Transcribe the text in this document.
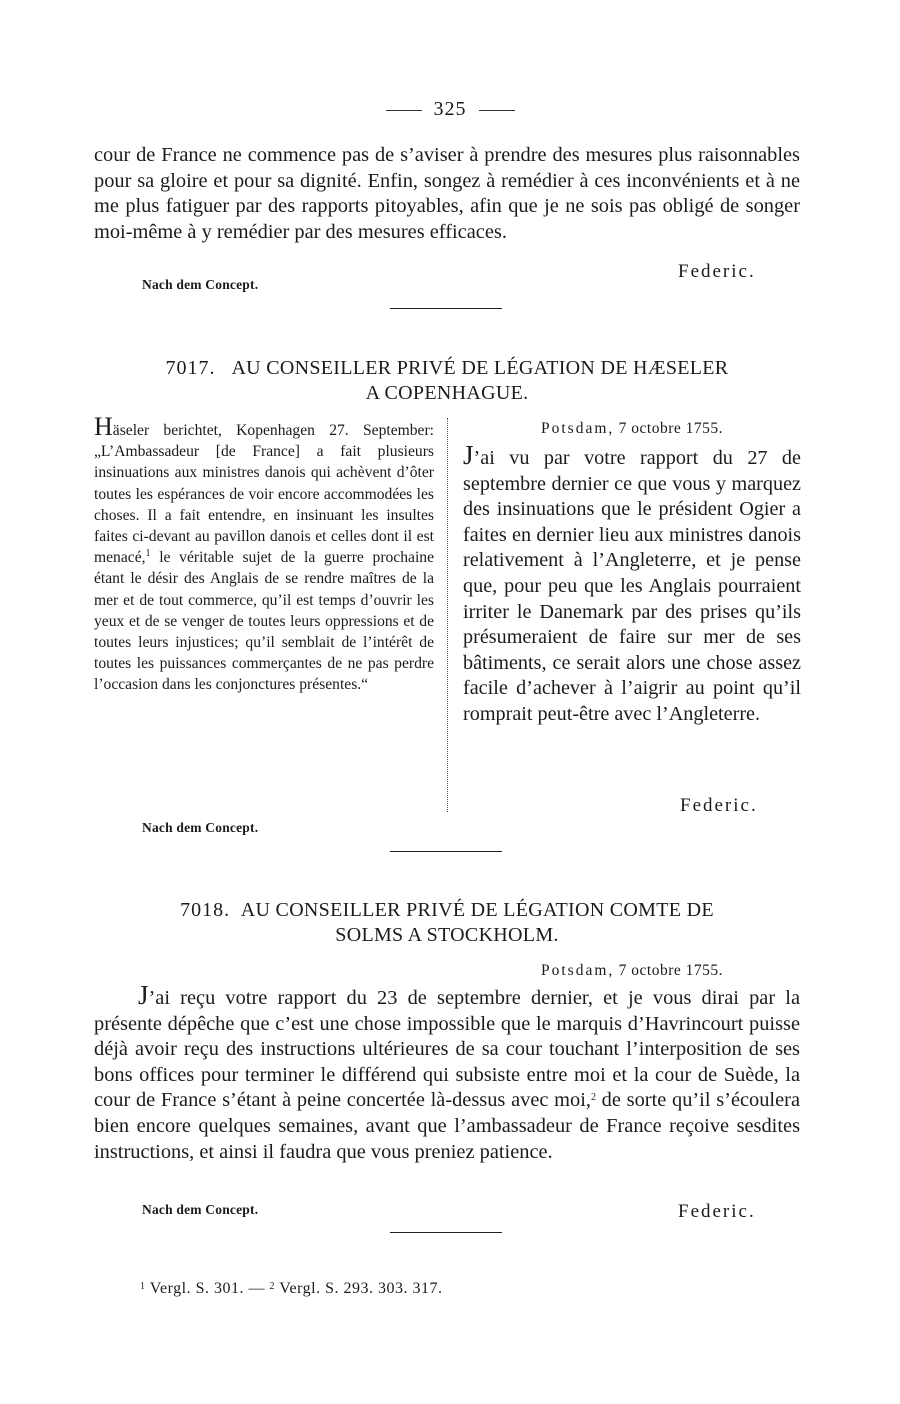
325
cour de France ne commence pas de s’aviser à prendre des mesures plus raisonnables pour sa gloire et pour sa dignité. Enfin, songez à remédier à ces inconvénients et à ne me plus fatiguer par des rapports pitoyables, afin que je ne sois pas obligé de songer moi-même à y remédier par des mesures efficaces.
Federic.
Nach dem Concept.
7017. AU CONSEILLER PRIVÉ DE LÉGATION DE HÆSELER
A COPENHAGUE.
Häseler berichtet, Kopenhagen 27. September: „L’Ambassadeur [de France] a fait plusieurs insinuations aux ministres danois qui achèvent d’ôter toutes les espérances de voir encore accommodées les choses. Il a fait entendre, en insinuant les insultes faites ci-devant au pavillon danois et celles dont il est menacé,$^1$ le véritable sujet de la guerre prochaine étant le désir des Anglais de se rendre maîtres de la mer et de tout commerce, qu’il est temps d’ouvrir les yeux et de se venger de toutes leurs oppressions et de toutes leurs injustices; qu’il semblait de l’intérêt de toutes les puissances commerçantes de ne pas perdre l’occasion dans les conjonctures présentes.“
Potsdam, 7 octobre 1755.
J’ai vu par votre rapport du 27 de septembre dernier ce que vous y marquez des insinuations que le président Ogier a faites en dernier lieu aux ministres danois relativement à l’Angleterre, et je pense que, pour peu que les Anglais pourraient irriter le Danemark par des prises qu’ils présumeraient de faire sur mer de ses bâtiments, ce serait alors une chose assez facile d’achever à l’aigrir au point qu’il romprait peut-être avec l’Angleterre.
Federic.
Nach dem Concept.
7018. AU CONSEILLER PRIVÉ DE LÉGATION COMTE DE
SOLMS A STOCKHOLM.
Potsdam, 7 octobre 1755.
J’ai reçu votre rapport du 23 de septembre dernier, et je vous dirai par la présente dépêche que c’est une chose impossible que le marquis d’Havrincourt puisse déjà avoir reçu des instructions ultérieures de sa cour touchant l’interposition de ses bons offices pour terminer le différend qui subsiste entre moi et la cour de Suède, la cour de France s’étant à peine concertée là-dessus avec moi,$^2$ de sorte qu’il s’écoulera bien encore quelques semaines, avant que l’ambassadeur de France reçoive sesdites instructions, et ainsi il faudra que vous preniez patience.
Nach dem Concept.	Federic.
$^1$ Vergl. S. 301. — $^2$ Vergl. S. 293. 303. 317.
